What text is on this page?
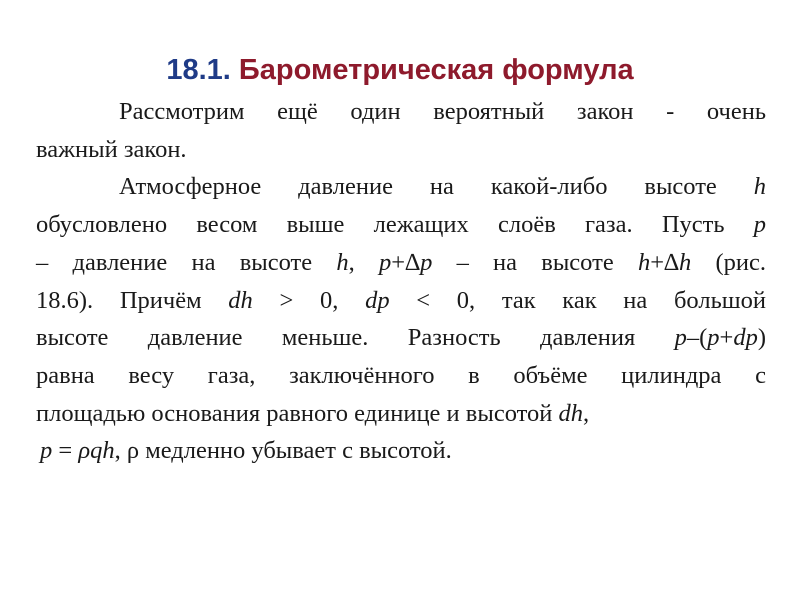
18.1. Барометрическая формула

Рассмотрим ещё один вероятный закон - очень
важный закон.

Атмосферное давление на какой-либо высоте h
обусловлено весом выше лежащих слоёв газа. Пусть p
– давление на высоте h, p+∆p – на высоте h+∆h (рис.
18.6). Причём dh > 0, dp < 0, так как на большой
высоте давление меньше. Разность давления p–(p+dp)
равна весу газа, заключённого в объёме цилиндра с
площадью основания равного единице и высотой dh,

p = ρqh, ρ медленно убывает с высотой.
